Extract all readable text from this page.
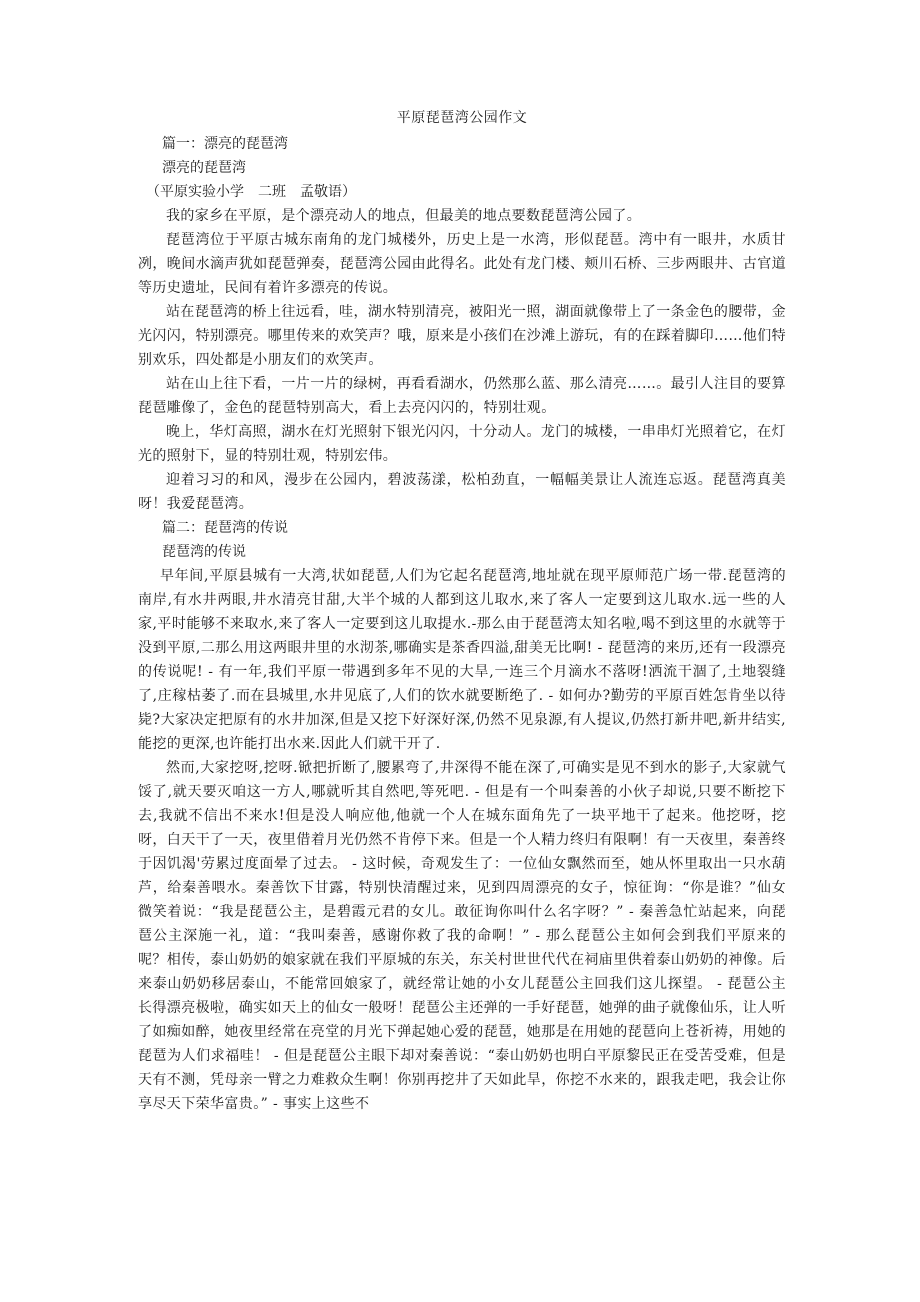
平原琵琶湾公园作文

篇一：漂亮的琵琶湾

漂亮的琵琶湾

（平原实验小学　二班　孟敬语）

我的家乡在平原，是个漂亮动人的地点，但最美的地点要数琵琶湾公园了。

琵琶湾位于平原古城东南角的龙门城楼外，历史上是一水湾，形似琵琶。湾中有一眼井，水质甘冽，晚间水滴声犹如琵琶弹奏，琵琶湾公园由此得名。此处有龙门楼、颊川石桥、三步两眼井、古官道等历史遗址，民间有着许多漂亮的传说。

站在琵琶湾的桥上往远看，哇，湖水特别清亮，被阳光一照，湖面就像带上了一条金色的腰带，金光闪闪，特别漂亮。哪里传来的欢笑声？哦，原来是小孩们在沙滩上游玩，有的在踩着脚印……他们特别欢乐，四处都是小朋友们的欢笑声。

站在山上往下看，一片一片的绿树，再看看湖水，仍然那么蓝、那么清亮……。最引人注目的要算琵琶雕像了，金色的琵琶特别高大，看上去亮闪闪的，特别壮观。

晚上，华灯高照，湖水在灯光照射下银光闪闪，十分动人。龙门的城楼，一串串灯光照着它，在灯光的照射下，显的特别壮观，特别宏伟。

迎着习习的和风，漫步在公园内，碧波荡漾，松柏劲直，一幅幅美景让人流连忘返。琵琶湾真美呀！我爱琵琶湾。

篇二：琵琶湾的传说

琵琶湾的传说

早年间,平原县城有一大湾,状如琵琶,人们为它起名琵琶湾,地址就在现平原师范广场一带.琵琶湾的南岸,有水井两眼,井水清亮甘甜,大半个城的人都到这儿取水,来了客人一定要到这儿取水.远一些的人家,平时能够不来取水,来了客人一定要到这儿取提水.-那么由于琵琶湾太知名啦,喝不到这里的水就等于没到平原,二那么用这两眼井里的水沏茶,哪确实是茶香四溢,甜美无比啊! - 琵琶湾的来历,还有一段漂亮的传说呢! - 有一年,我们平原一带遇到多年不见的大旱,一连三个月滴水不落呀!洒流干涸了,土地裂缝了,庄稼枯萎了.而在县城里,水井见底了,人们的饮水就要断绝了. - 如何办?勤劳的平原百姓怎肯坐以待毙?大家决定把原有的水井加深,但是又挖下好深好深,仍然不见泉源,有人提议,仍然打新井吧,新井结实,能挖的更深,也许能打出水来.因此人们就干开了.

然而,大家挖呀,挖呀.锨把折断了,腰累弯了,井深得不能在深了,可确实是见不到水的影子,大家就气馁了,就天要灭咱这一方人,哪就听其自然吧,等死吧. - 但是有一个叫秦善的小伙子却说,只要不断挖下去,我就不信出不来水!但是没人响应他,他就一个人在城东面角先了一块平地干了起来。他挖呀，挖呀，白天干了一天，夜里借着月光仍然不肯停下来。但是一个人精力终归有限啊！有一天夜里，秦善终于因饥渴'劳累过度面晕了过去。 - 这时候，奇观发生了：一位仙女飘然而至，她从怀里取出一只水葫芦，给秦善喂水。秦善饮下甘露，特别快清醒过来，见到四周漂亮的女子，惊征询：“你是谁？”仙女微笑着说：“我是琵琶公主，是碧霞元君的女儿。敢征询你叫什么名字呀？” - 秦善急忙站起来，向琵琶公主深施一礼，道：“我叫秦善，感谢你救了我的命啊！” - 那么琵琶公主如何会到我们平原来的呢？相传，泰山奶奶的娘家就在我们平原城的东关，东关村世世代代在祠庙里供着泰山奶奶的神像。后来泰山奶奶移居泰山，不能常回娘家了，就经常让她的小女儿琵琶公主回我们这儿探望。 - 琵琶公主长得漂亮极啦，确实如天上的仙女一般呀！琵琶公主还弹的一手好琵琶，她弹的曲子就像仙乐，让人听了如痴如醉，她夜里经常在亮堂的月光下弹起她心爱的琵琶，她那是在用她的琵琶向上苍祈祷，用她的琵琶为人们求福哇！ - 但是琵琶公主眼下却对秦善说：“泰山奶奶也明白平原黎民正在受苦受难，但是天有不测，凭母亲一臂之力难救众生啊！你别再挖井了天如此旱，你挖不水来的，跟我走吧，我会让你享尽天下荣华富贵。” - 事实上这些不
